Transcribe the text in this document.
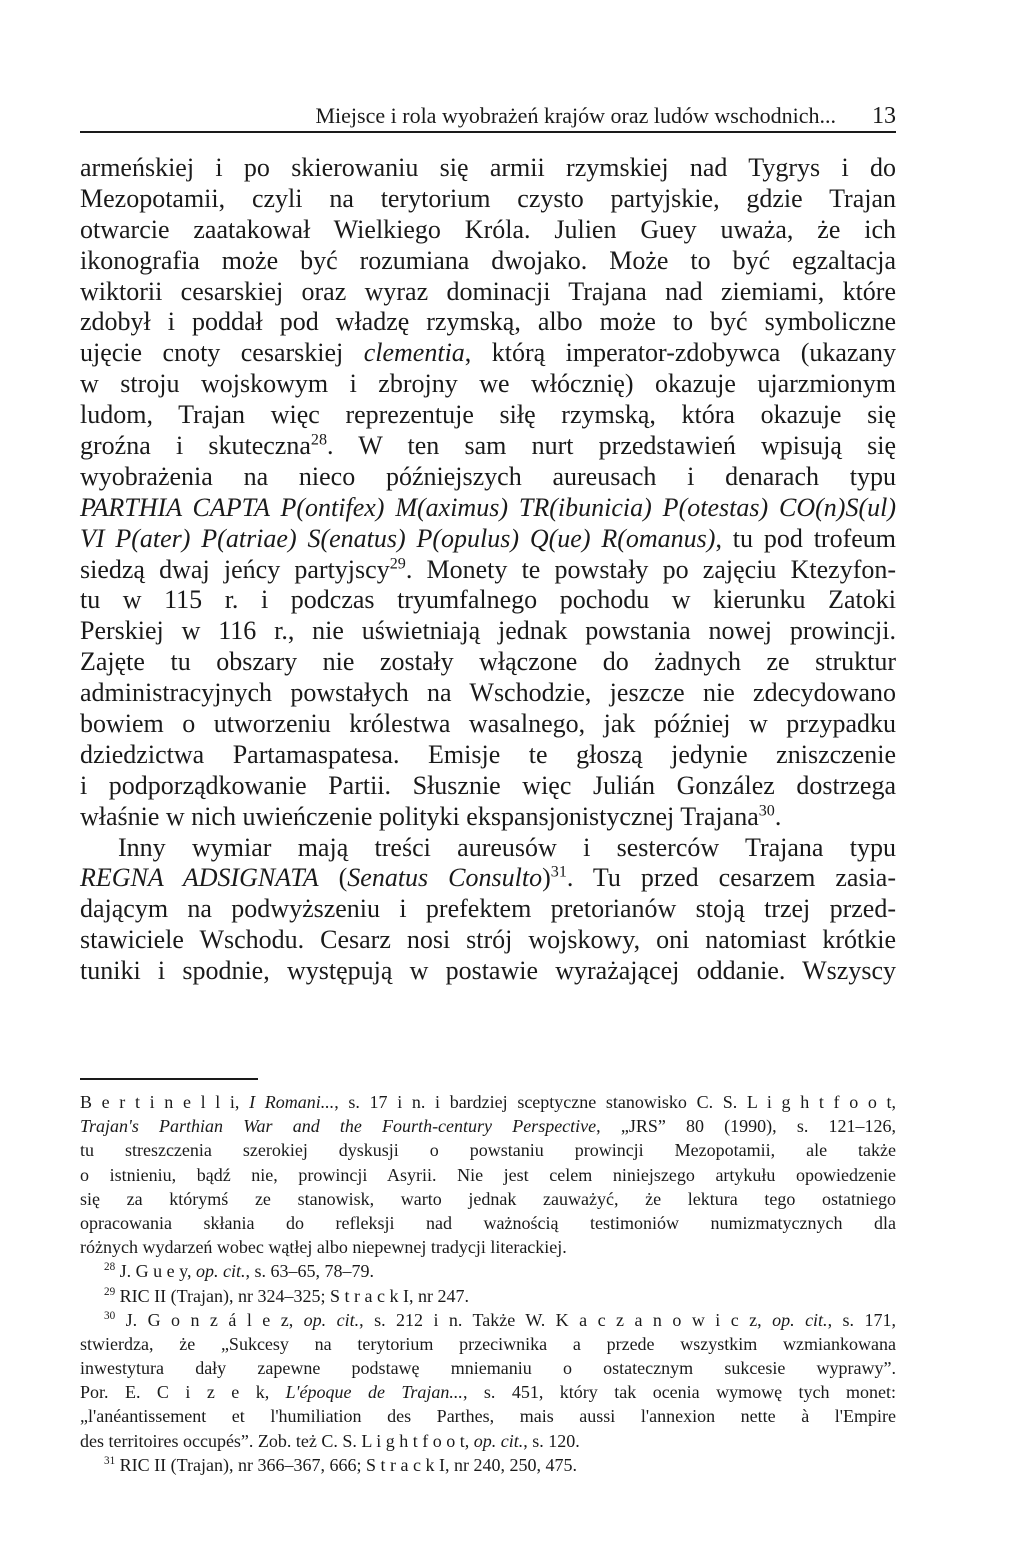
Miejsce i rola wyobrażeń krajów oraz ludów wschodnich... 13
armeńskiej i po skierowaniu się armii rzymskiej nad Tygrys i do
Mezopotamii, czyli na terytorium czysto partyjskie, gdzie Trajan
otwarcie zaatakował Wielkiego Króla. Julien Guey uważa, że ich
ikonografia może być rozumiana dwojako. Może to być egzaltacja
wiktorii cesarskiej oraz wyraz dominacji Trajana nad ziemiami, które
zdobył i poddał pod władzę rzymską, albo może to być symboliczne
ujęcie cnoty cesarskiej clementia, którą imperator-zdobywca (ukazany
w stroju wojskowym i zbrojny we włócznię) okazuje ujarzmionym
ludom, Trajan więc reprezentuje siłę rzymską, która okazuje się
groźna i skuteczna$^{28}$. W ten sam nurt przedstawień wpisują się
wyobrażenia na nieco późniejszych aureusach i denarach typu
PARTHIA CAPTA P(ontifex) M(aximus) TR(ibunicia) P(otestas) CO(n)S(ul)
VI P(ater) P(atriae) S(enatus) P(opulus) Q(ue) R(omanus), tu pod trofeum
siedzą dwaj jeńcy partyjscy$^{29}$. Monety te powstały po zajęciu Ktezyfon-
tu w 115 r. i podczas tryumfalnego pochodu w kierunku Zatoki
Perskiej w 116 r., nie uświetniają jednak powstania nowej prowincji.
Zajęte tu obszary nie zostały włączone do żadnych ze struktur
administracyjnych powstałych na Wschodzie, jeszcze nie zdecydowano
bowiem o utworzeniu królestwa wasalnego, jak później w przypadku
dziedzictwa Partamaspatesa. Emisje te głoszą jedynie zniszczenie
i podporządkowanie Partii. Słusznie więc Julián González dostrzega
właśnie w nich uwieńczenie polityki ekspansjonistycznej Trajana$^{30}$.
Inny wymiar mają treści aureusów i sesterców Trajana typu
REGNA ADSIGNATA (Senatus Consulto)$^{31}$. Tu przed cesarzem zasia-
dającym na podwyższeniu i prefektem pretorianów stoją trzej przed-
stawiciele Wschodu. Cesarz nosi strój wojskowy, oni natomiast krótkie
tuniki i spodnie, występują w postawie wyrażającej oddanie. Wszyscy
B e r t i n e l l i, I Romani..., s. 17 i n. i bardziej sceptyczne stanowisko C. S. L i g h t f o o t,
Trajan's Parthian War and the Fourth-century Perspective, „JRS” 80 (1990), s. 121–126,
tu streszczenia szerokiej dyskusji o powstaniu prowincji Mezopotamii, ale także
o istnieniu, bądź nie, prowincji Asyrii. Nie jest celem niniejszego artykułu opowiedzenie
się za którymś ze stanowisk, warto jednak zauważyć, że lektura tego ostatniego
opracowania skłania do refleksji nad ważnością testimoniów numizmatycznych dla
różnych wydarzeń wobec wątłej albo niepewnej tradycji literackiej.
$^{28}$ J. G u e y, op. cit., s. 63–65, 78–79.
$^{29}$ RIC II (Trajan), nr 324–325; S t r a c k I, nr 247.
$^{30}$ J. G o n z á l e z, op. cit., s. 212 i n. Także W. K a c z a n o w i c z, op. cit., s. 171,
stwierdza, że „Sukcesy na terytorium przeciwnika a przede wszystkim wzmiankowana
inwestytura dały zapewne podstawę mniemaniu o ostatecznym sukcesie wyprawy”.
Por. E. C i z e k, L'époque de Trajan..., s. 451, który tak ocenia wymowę tych monet:
„l'anéantissement et l'humiliation des Parthes, mais aussi l'annexion nette à l'Empire
des territoires occupés”. Zob. też C. S. L i g h t f o o t, op. cit., s. 120.
$^{31}$ RIC II (Trajan), nr 366–367, 666; S t r a c k I, nr 240, 250, 475.
